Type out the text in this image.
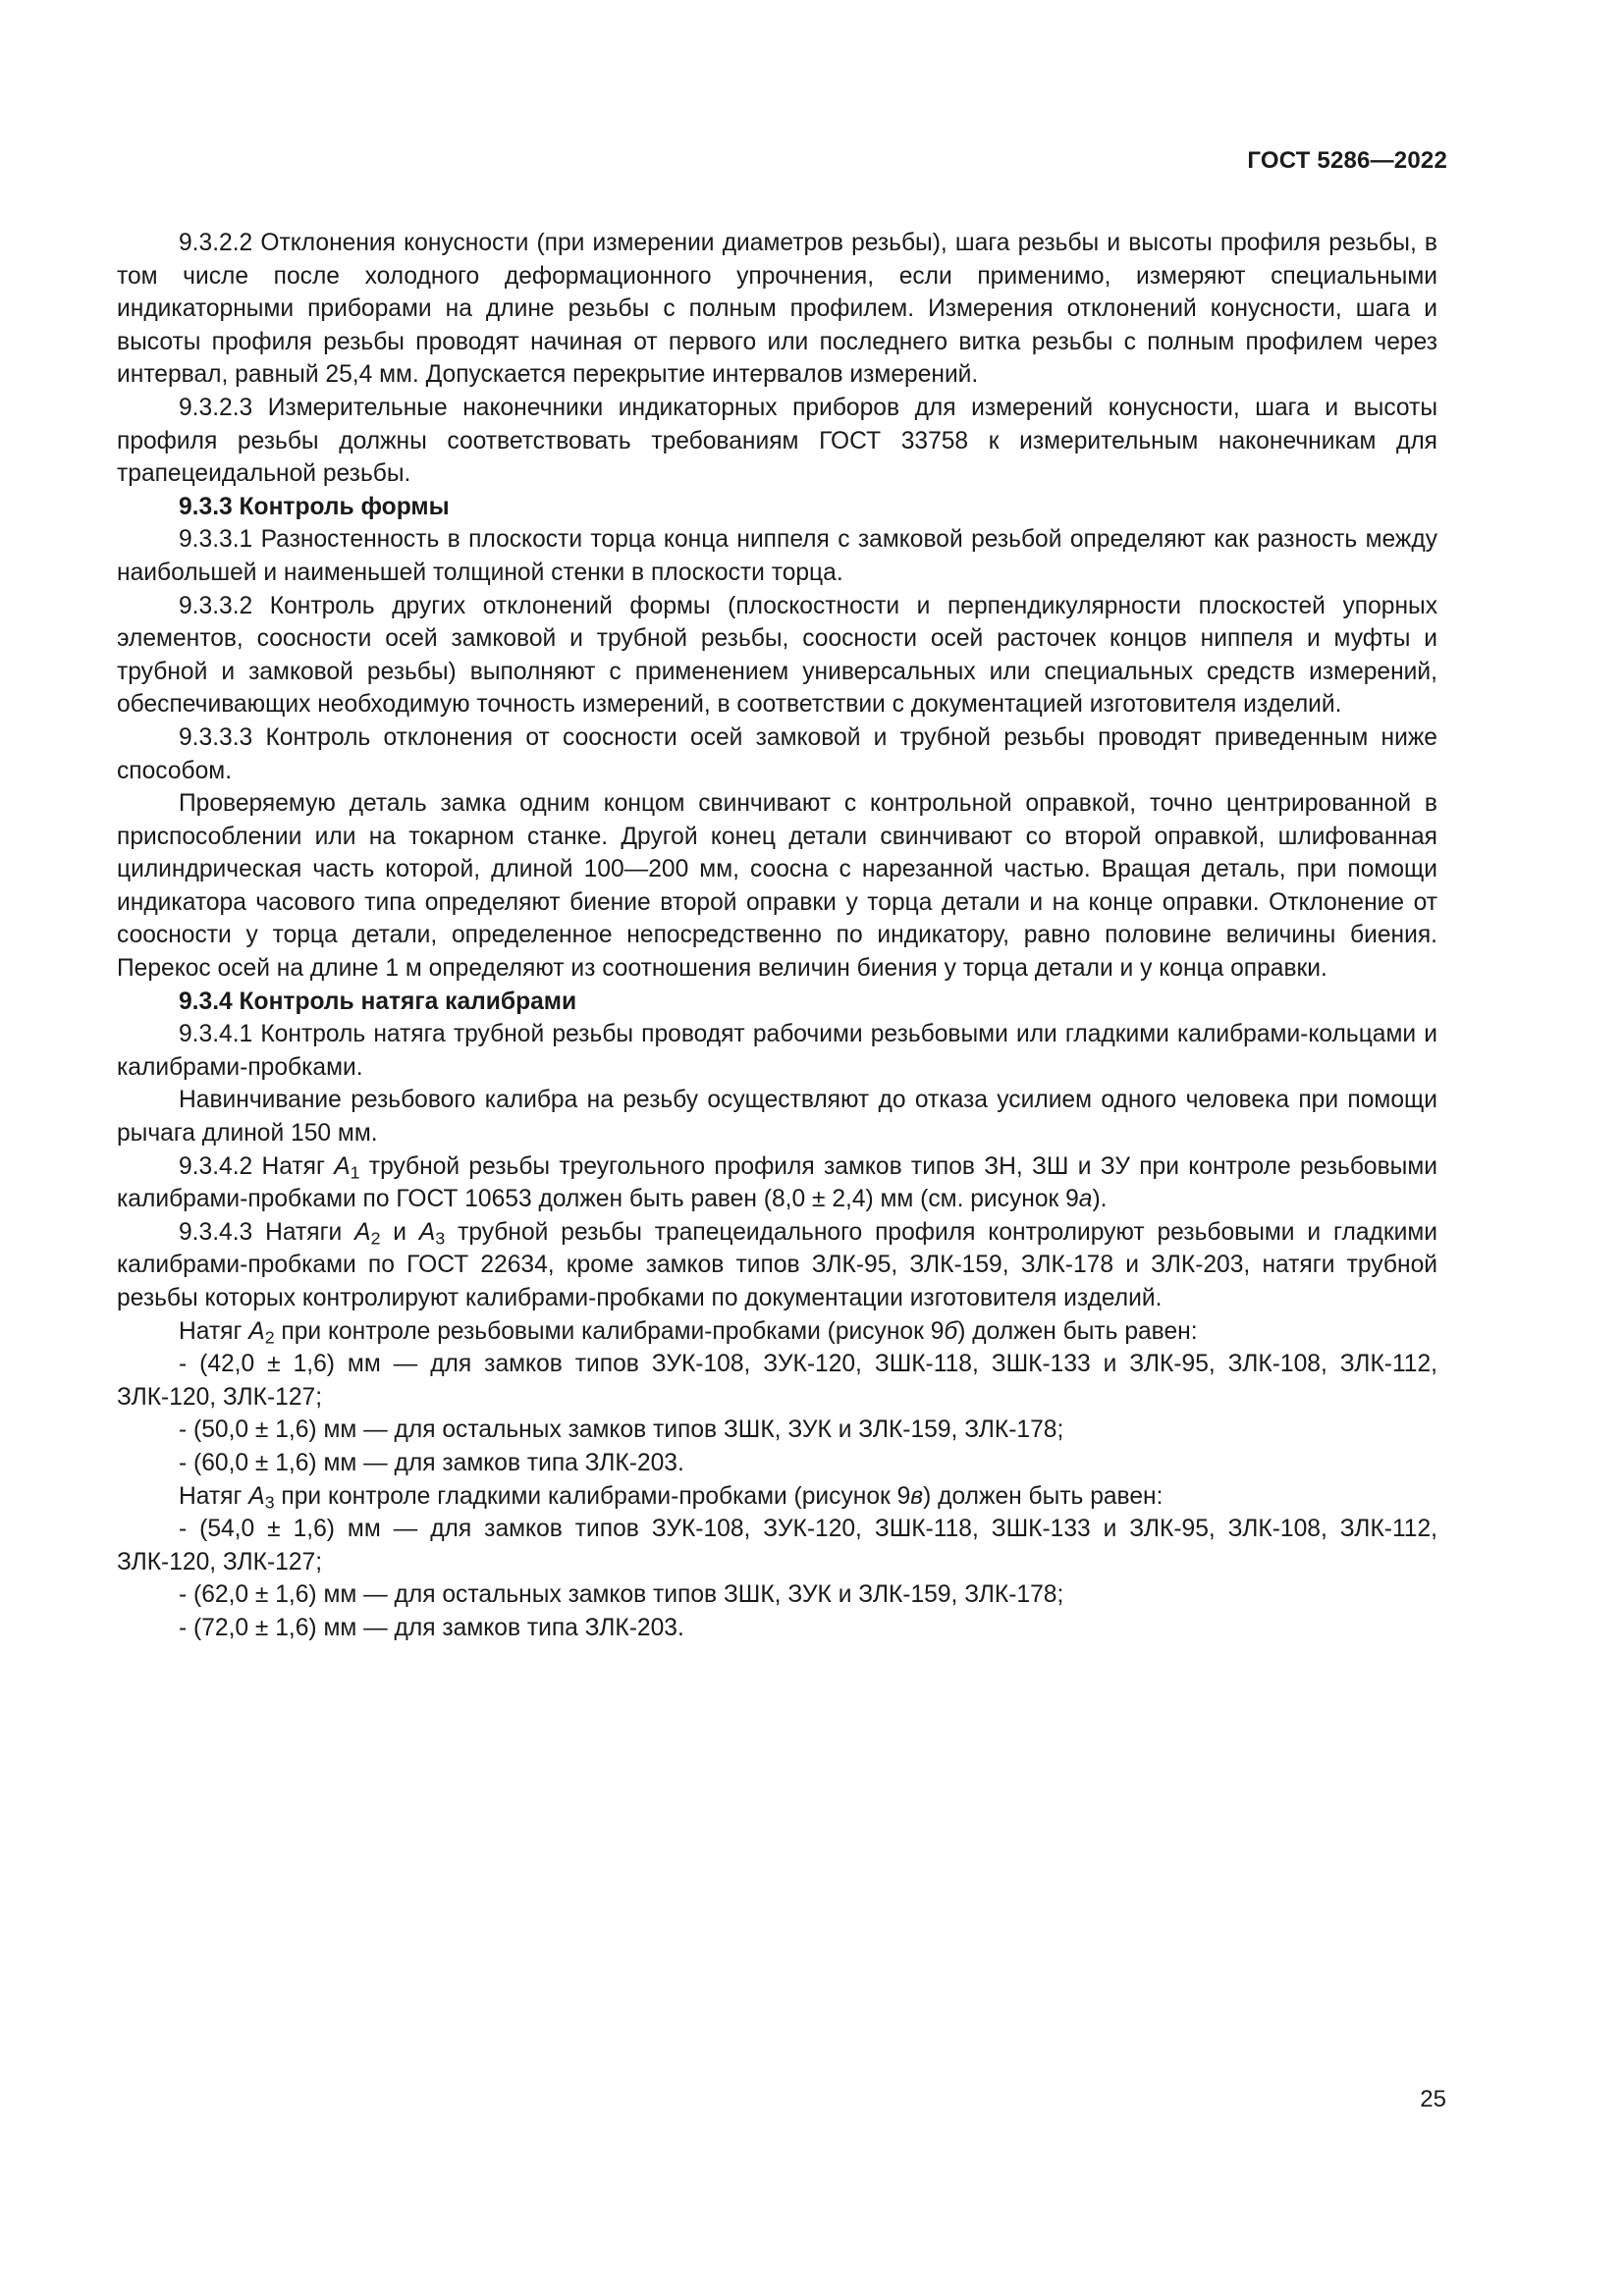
ГОСТ 5286—2022

9.3.2.2 Отклонения конусности (при измерении диаметров резьбы), шага резьбы и высоты профиля резьбы, в том числе после холодного деформационного упрочнения, если применимо, измеряют специальными индикаторными приборами на длине резьбы с полным профилем. Измерения отклонений конусности, шага и высоты профиля резьбы проводят начиная от первого или последнего витка резьбы с полным профилем через интервал, равный 25,4 мм. Допускается перекрытие интервалов измерений.

9.3.2.3 Измерительные наконечники индикаторных приборов для измерений конусности, шага и высоты профиля резьбы должны соответствовать требованиям ГОСТ 33758 к измерительным наконечникам для трапецеидальной резьбы.

9.3.3 Контроль формы

9.3.3.1 Разностенность в плоскости торца конца ниппеля с замковой резьбой определяют как разность между наибольшей и наименьшей толщиной стенки в плоскости торца.

9.3.3.2 Контроль других отклонений формы (плоскостности и перпендикулярности плоскостей упорных элементов, соосности осей замковой и трубной резьбы, соосности осей расточек концов ниппеля и муфты и трубной и замковой резьбы) выполняют с применением универсальных или специальных средств измерений, обеспечивающих необходимую точность измерений, в соответствии с документацией изготовителя изделий.

9.3.3.3 Контроль отклонения от соосности осей замковой и трубной резьбы проводят приведенным ниже способом.

Проверяемую деталь замка одним концом свинчивают с контрольной оправкой, точно центрированной в приспособлении или на токарном станке. Другой конец детали свинчивают со второй оправкой, шлифованная цилиндрическая часть которой, длиной 100—200 мм, соосна с нарезанной частью. Вращая деталь, при помощи индикатора часового типа определяют биение второй оправки у торца детали и на конце оправки. Отклонение от соосности у торца детали, определенное непосредственно по индикатору, равно половине величины биения. Перекос осей на длине 1 м определяют из соотношения величин биения у торца детали и у конца оправки.

9.3.4 Контроль натяга калибрами

9.3.4.1 Контроль натяга трубной резьбы проводят рабочими резьбовыми или гладкими калибрами-кольцами и калибрами-пробками.

Навинчивание резьбового калибра на резьбу осуществляют до отказа усилием одного человека при помощи рычага длиной 150 мм.

9.3.4.2 Натяг $A_1$ трубной резьбы треугольного профиля замков типов ЗН, ЗШ и ЗУ при контроле резьбовыми калибрами-пробками по ГОСТ 10653 должен быть равен (8,0 ± 2,4) мм (см. рисунок 9а).

9.3.4.3 Натяги $A_2$ и $A_3$ трубной резьбы трапецеидального профиля контролируют резьбовыми и гладкими калибрами-пробками по ГОСТ 22634, кроме замков типов ЗЛК-95, ЗЛК-159, ЗЛК-178 и ЗЛК-203, натяги трубной резьбы которых контролируют калибрами-пробками по документации изготовителя изделий.

Натяг $A_2$ при контроле резьбовыми калибрами-пробками (рисунок 9б) должен быть равен:

- (42,0 ± 1,6) мм — для замков типов ЗУК-108, ЗУК-120, ЗШК-118, ЗШК-133 и ЗЛК-95, ЗЛК-108, ЗЛК-112, ЗЛК-120, ЗЛК-127;

- (50,0 ± 1,6) мм — для остальных замков типов ЗШК, ЗУК и ЗЛК-159, ЗЛК-178;

- (60,0 ± 1,6) мм — для замков типа ЗЛК-203.

Натяг $A_3$ при контроле гладкими калибрами-пробками (рисунок 9в) должен быть равен:

- (54,0 ± 1,6) мм — для замков типов ЗУК-108, ЗУК-120, ЗШК-118, ЗШК-133 и ЗЛК-95, ЗЛК-108, ЗЛК-112, ЗЛК-120, ЗЛК-127;

- (62,0 ± 1,6) мм — для остальных замков типов ЗШК, ЗУК и ЗЛК-159, ЗЛК-178;

- (72,0 ± 1,6) мм — для замков типа ЗЛК-203.

25
